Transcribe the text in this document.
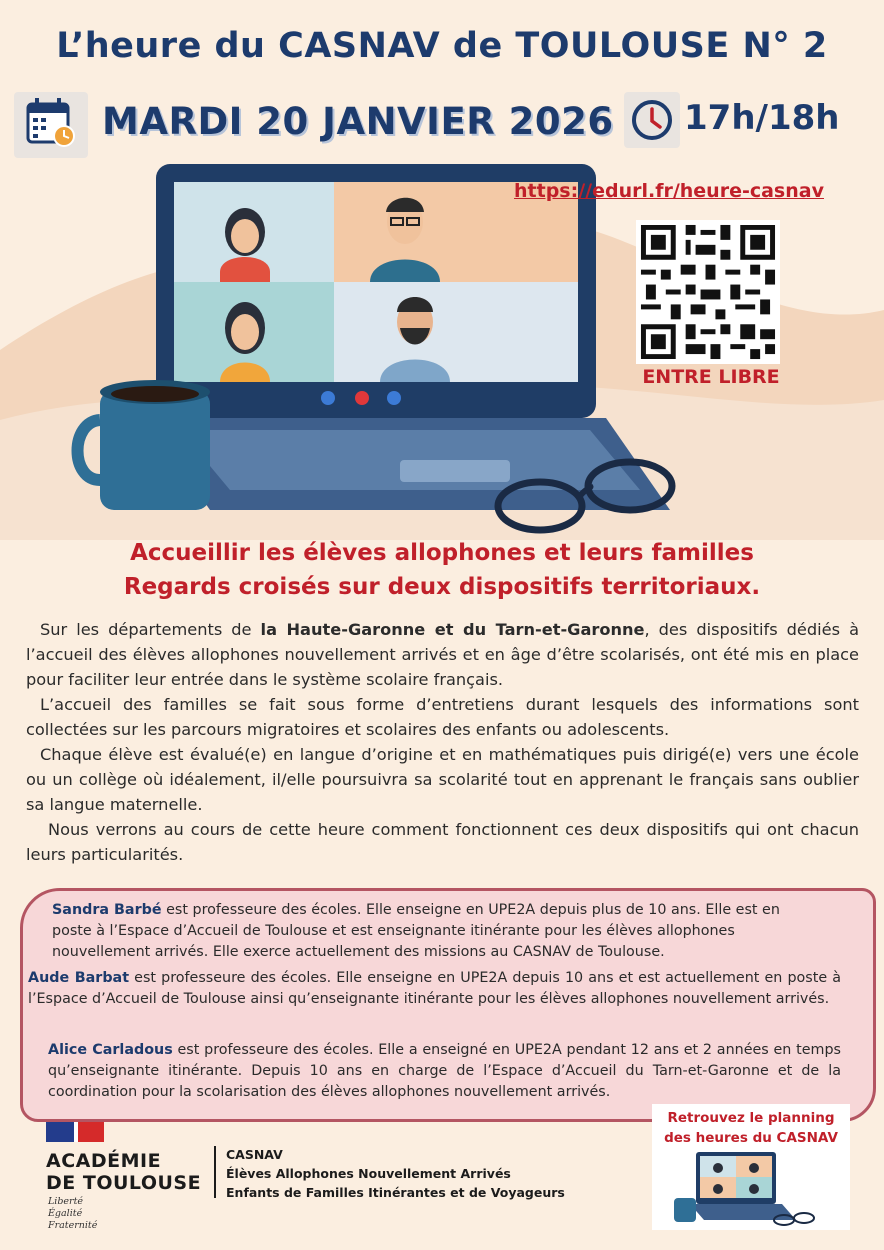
L’heure du CASNAV de TOULOUSE N° 2
MARDI 20 JANVIER 2026 17h/18h
https://edurl.fr/heure-casnav
ENTRE LIBRE
Accueillir les élèves allophones et leurs familles
Regards croisés sur deux dispositifs territoriaux.

Sur les départements de la Haute-Garonne et du Tarn-et-Garonne, des dispositifs dédiés à l’accueil des élèves allophones nouvellement arrivés et en âge d’être scolarisés, ont été mis en place pour faciliter leur entrée dans le système scolaire français.

L’accueil des familles se fait sous forme d’entretiens durant lesquels des informations sont collectées sur les parcours migratoires et scolaires des enfants ou adolescents.

Chaque élève est évalué(e) en langue d’origine et en mathématiques puis dirigé(e) vers une école ou un collège où idéalement, il/elle poursuivra sa scolarité tout en apprenant le français sans oublier sa langue maternelle.

Nous verrons au cours de cette heure comment fonctionnent ces deux dispositifs qui ont chacun leurs particularités.

Sandra Barbé est professeure des écoles. Elle enseigne en UPE2A depuis plus de 10 ans. Elle est en poste à l’Espace d’Accueil de Toulouse et est enseignante itinérante pour les élèves allophones nouvellement arrivés. Elle exerce actuellement des missions au CASNAV de Toulouse.
Aude Barbat est professeure des écoles. Elle enseigne en UPE2A depuis 10 ans et est actuellement en poste à l’Espace d’Accueil de Toulouse ainsi qu’enseignante itinérante pour les élèves allophones nouvellement arrivés.
Alice Carladous est professeure des écoles. Elle a enseigné en UPE2A pendant 12 ans et 2 années en temps qu’enseignante itinérante. Depuis 10 ans en charge de l’Espace d’Accueil du Tarn-et-Garonne et de la coordination pour la scolarisation des élèves allophones nouvellement arrivés.
ACADÉMIE
DE TOULOUSE
Liberté
Égalité
Fraternité
CASNAV
Élèves Allophones Nouvellement Arrivés
Enfants de Familles Itinérantes et de Voyageurs
Retrouvez le planning
des heures du CASNAV
